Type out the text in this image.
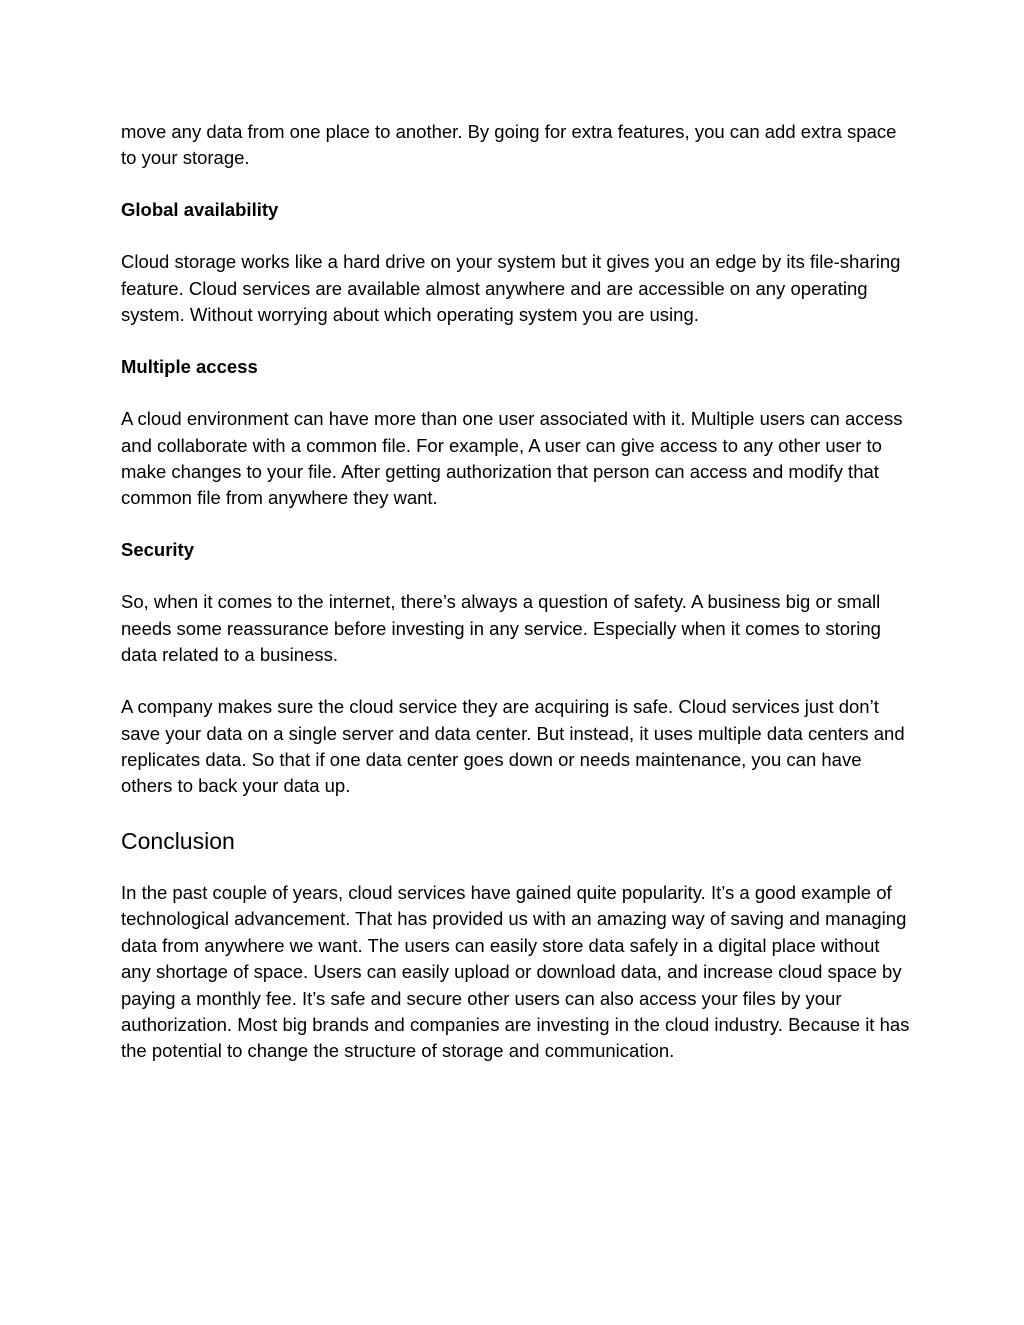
move any data from one place to another. By going for extra features, you can add extra space to your storage.

Global availability

Cloud storage works like a hard drive on your system but it gives you an edge by its file-sharing feature. Cloud services are available almost anywhere and are accessible on any operating system. Without worrying about which operating system you are using.

Multiple access

A cloud environment can have more than one user associated with it. Multiple users can access and collaborate with a common file. For example, A user can give access to any other user to make changes to your file. After getting authorization that person can access and modify that common file from anywhere they want.

Security

So, when it comes to the internet, there’s always a question of safety. A business big or small needs some reassurance before investing in any service. Especially when it comes to storing data related to a business.

A company makes sure the cloud service they are acquiring is safe. Cloud services just don’t save your data on a single server and data center. But instead, it uses multiple data centers and replicates data. So that if one data center goes down or needs maintenance, you can have others to back your data up.

Conclusion

In the past couple of years, cloud services have gained quite popularity. It’s a good example of technological advancement. That has provided us with an amazing way of saving and managing data from anywhere we want. The users can easily store data safely in a digital place without any shortage of space. Users can easily upload or download data, and increase cloud space by paying a monthly fee. It’s safe and secure other users can also access your files by your authorization. Most big brands and companies are investing in the cloud industry. Because it has the potential to change the structure of storage and communication.
